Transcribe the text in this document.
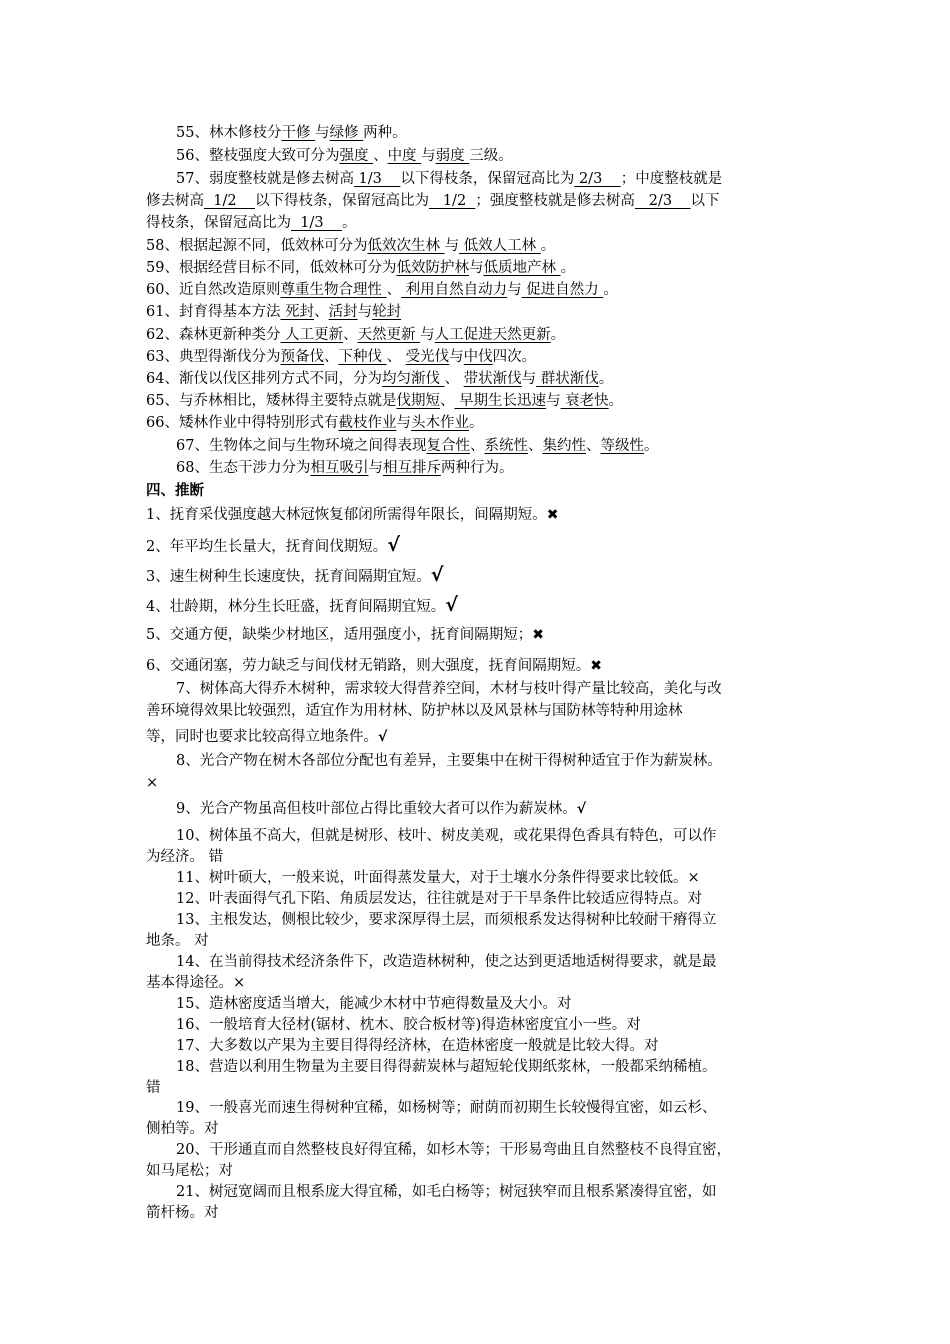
55、林木修枝分干修 与绿修 两种。
56、整枝强度大致可分为强度 、中度 与弱度 三级。
57、弱度整枝就是修去树高 1/3    以下得枝条，保留冠高比为 2/3    ；中度整枝就是
修去树高  1/2    以下得枝条，保留冠高比为   1/2  ；强度整枝就是修去树高   2/3    以下
得枝条，保留冠高比为  1/3    。
58、根据起源不同，低效林可分为低效次生林 与 低效人工林 。
59、根据经营目标不同，低效林可分为低效防护林与低质地产林 。
60、近自然改造原则尊重生物合理性 、 利用自然自动力与 促进自然力 。
61、封育得基本方法 死封、活封与轮封
62、森林更新种类分 人工更新、天然更新 与人工促进天然更新。
63、典型得渐伐分为预备伐、下种伐 、 受光伐与中伐四次。
64、渐伐以伐区排列方式不同，分为均匀渐伐 、 带状渐伐与 群状渐伐。
65、与乔林相比，矮林得主要特点就是伐期短、 早期生长迅速与 衰老快。
66、矮林作业中得特别形式有截枝作业与头木作业。
67、生物体之间与生物环境之间得表现复合性、系统性、集约性、等级性。
68、生态干涉力分为相互吸引与相互排斥两种行为。
四、推断
1、抚育采伐强度越大林冠恢复郁闭所需得年限长，间隔期短。✖
2、年平均生长量大，抚育间伐期短。√
3、速生树种生长速度快，抚育间隔期宜短。√
4、壮龄期，林分生长旺盛，抚育间隔期宜短。√
5、交通方便，缺柴少材地区，适用强度小，抚育间隔期短；✖
6、交通闭塞，劳力缺乏与间伐材无销路，则大强度，抚育间隔期短。✖
7、树体高大得乔木树种，需求较大得营养空间，木材与枝叶得产量比较高，美化与改
善环境得效果比较强烈，适宜作为用材林、防护林以及风景林与国防林等特种用途林
等，同时也要求比较高得立地条件。√
8、光合产物在树木各部位分配也有差异，主要集中在树干得树种适宜于作为薪炭林。
×
9、光合产物虽高但枝叶部位占得比重较大者可以作为薪炭林。√
10、树体虽不高大，但就是树形、枝叶、树皮美观，或花果得色香具有特色，可以作
为经济。 错
11、树叶硕大，一般来说，叶面得蒸发量大，对于土壤水分条件得要求比较低。×
12、叶表面得气孔下陷、角质层发达，往往就是对于干旱条件比较适应得特点。对
13、主根发达，侧根比较少，要求深厚得土层，而须根系发达得树种比较耐干瘠得立
地条。 对
14、在当前得技术经济条件下，改造造林树种，使之达到更适地适树得要求，就是最
基本得途径。×
15、造林密度适当增大，能减少木材中节疤得数量及大小。对
16、一般培育大径材(锯材、枕木、胶合板材等)得造林密度宜小一些。对
17、大多数以产果为主要目得得经济林，在造林密度一般就是比较大得。对
18、营造以利用生物量为主要目得得薪炭林与超短轮伐期纸浆林，一般都采纳稀植。
错
19、一般喜光而速生得树种宜稀，如杨树等；耐荫而初期生长较慢得宜密，如云杉、
侧柏等。对
20、干形通直而自然整枝良好得宜稀，如杉木等；干形易弯曲且自然整枝不良得宜密，
如马尾松；对
21、树冠宽阔而且根系庞大得宜稀，如毛白杨等；树冠狭窄而且根系紧凑得宜密，如
箭杆杨。对
